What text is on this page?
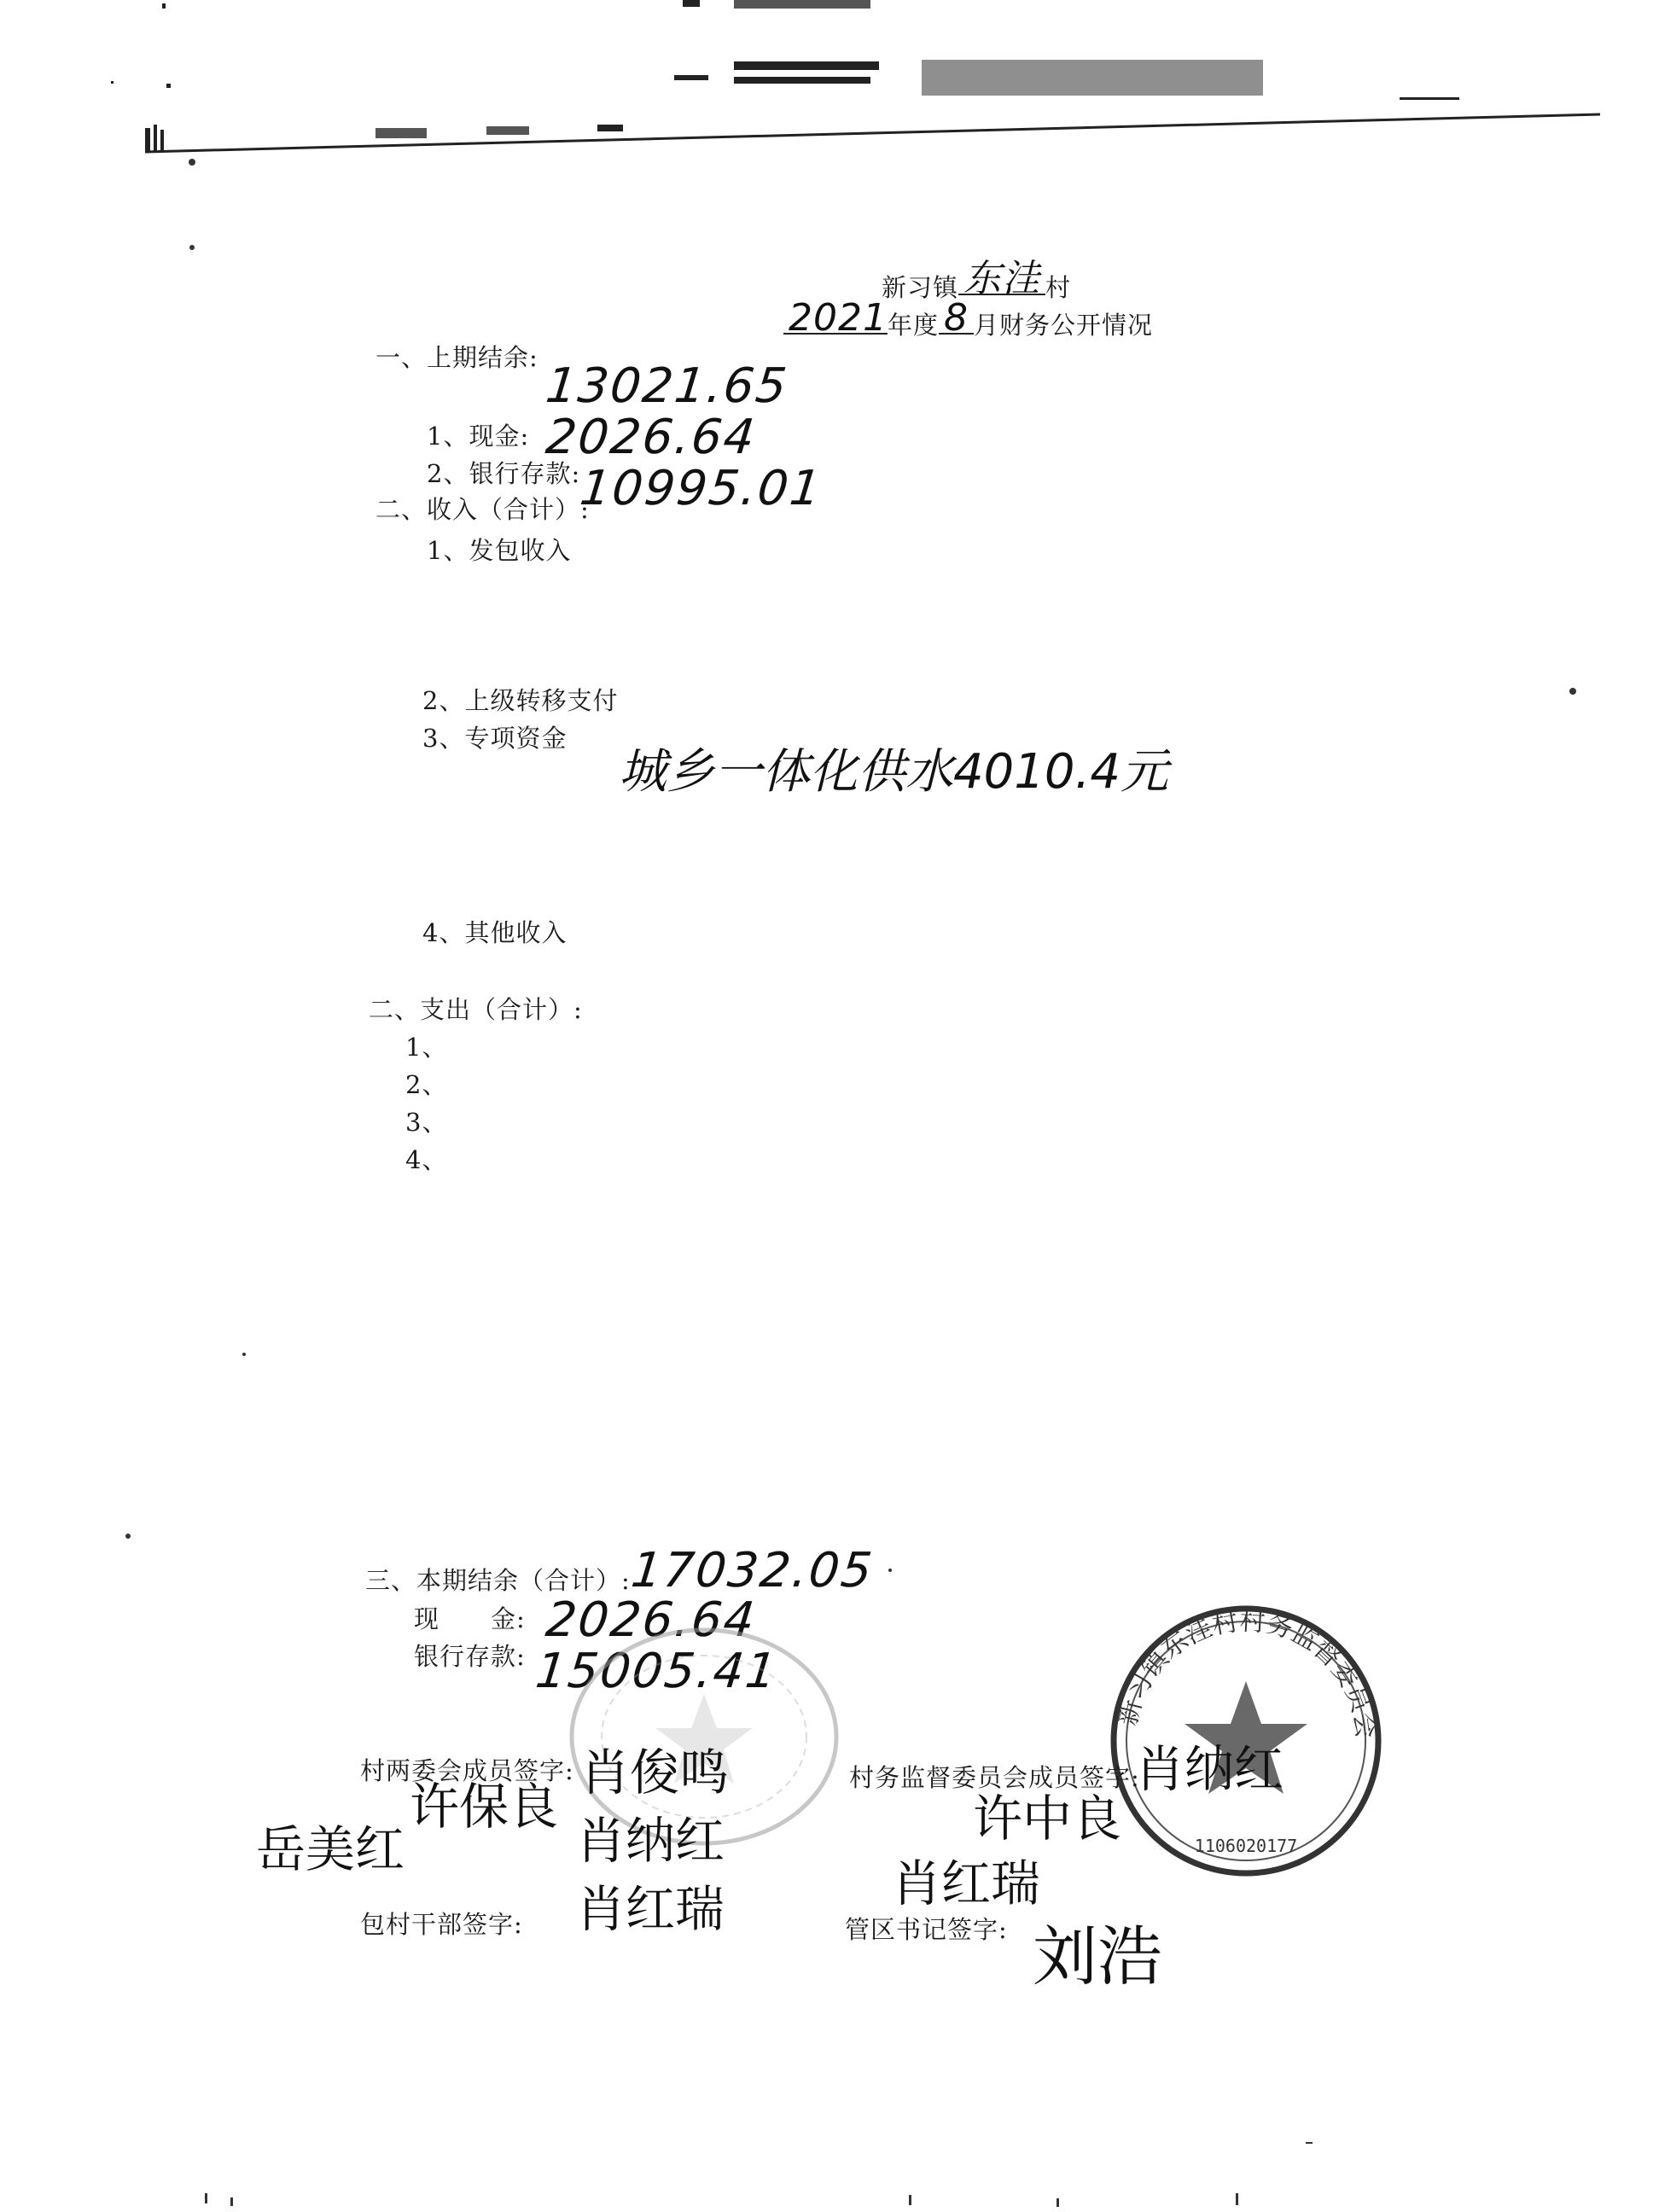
新习镇 东洼 村
2021年度 8 月财务公开情况
一、上期结余:
13021.65
1、现金: 2026.64
2、银行存款:
10995.01
二、收入（合计）:
1、发包收入
2、上级转移支付
3、专项资金
城乡一体化供水4010.4元
4、其他收入
二、支出（合计）:
1、
2、
3、
4、
三、本期结余（合计）:
17032.05
现　　金: 2026.64
银行存款: 15005.41
新习镇东洼村村务监督委员会
1106020177
村两委会成员签字:	村务监督委员会成员签字:
包村干部签字:	管区书记签字:
岳美红
许保良
肖俊鸣
肖纳红
肖红瑞
肖纳红
许中良
肖红瑞
刘浩
